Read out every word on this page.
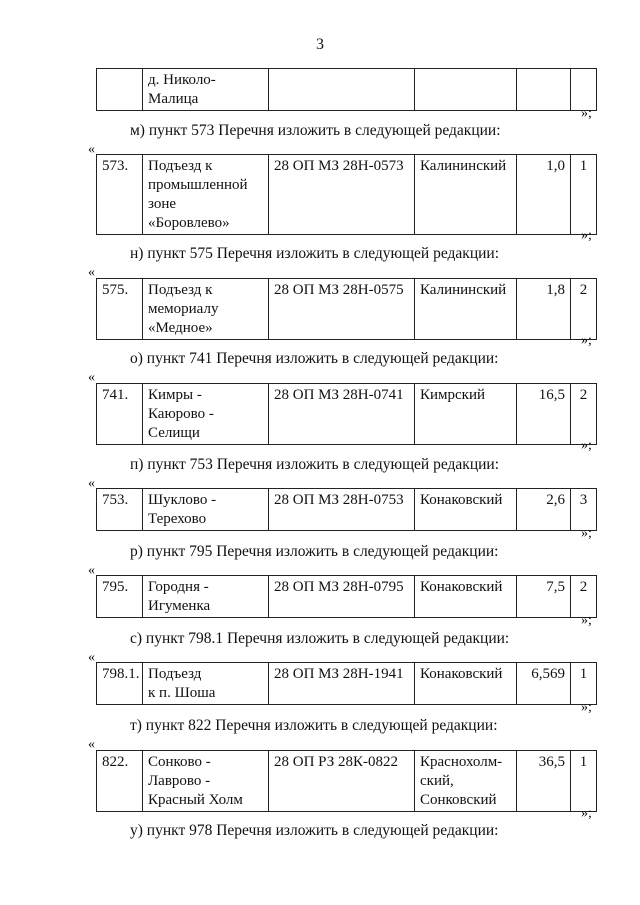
3
	д. Николо-
Малица				
»;
м) пункт 573 Перечня изложить в следующей редакции:
«
573.	Подъезд к
промышленной
зоне
«Боровлево»	28 ОП МЗ 28Н-0573	Калининский	1,0	1
»;
н) пункт 575 Перечня изложить в следующей редакции:
«
575.	Подъезд к
мемориалу
«Медное»	28 ОП МЗ 28Н-0575	Калининский	1,8	2
»;
о) пункт 741 Перечня изложить в следующей редакции:
«
741.	Кимры -
Каюрово -
Селищи	28 ОП МЗ 28Н-0741	Кимрский	16,5	2
»;
п) пункт 753 Перечня изложить в следующей редакции:
«
753.	Шуклово -
Терехово	28 ОП МЗ 28Н-0753	Конаковский	2,6	3
»;
р) пункт 795 Перечня изложить в следующей редакции:
«
795.	Городня -
Игуменка	28 ОП МЗ 28Н-0795	Конаковский	7,5	2
»;
с) пункт 798.1 Перечня изложить в следующей редакции:
«
798.1.	Подъезд
к п. Шоша	28 ОП МЗ 28Н-1941	Конаковский	6,569	1
»;
т) пункт 822 Перечня изложить в следующей редакции:
«
822.	Сонково -
Лаврово -
Красный Холм	28 ОП РЗ 28К-0822	Краснохолм-
ский,
Сонковский	36,5	1
»;
у) пункт 978 Перечня изложить в следующей редакции:
